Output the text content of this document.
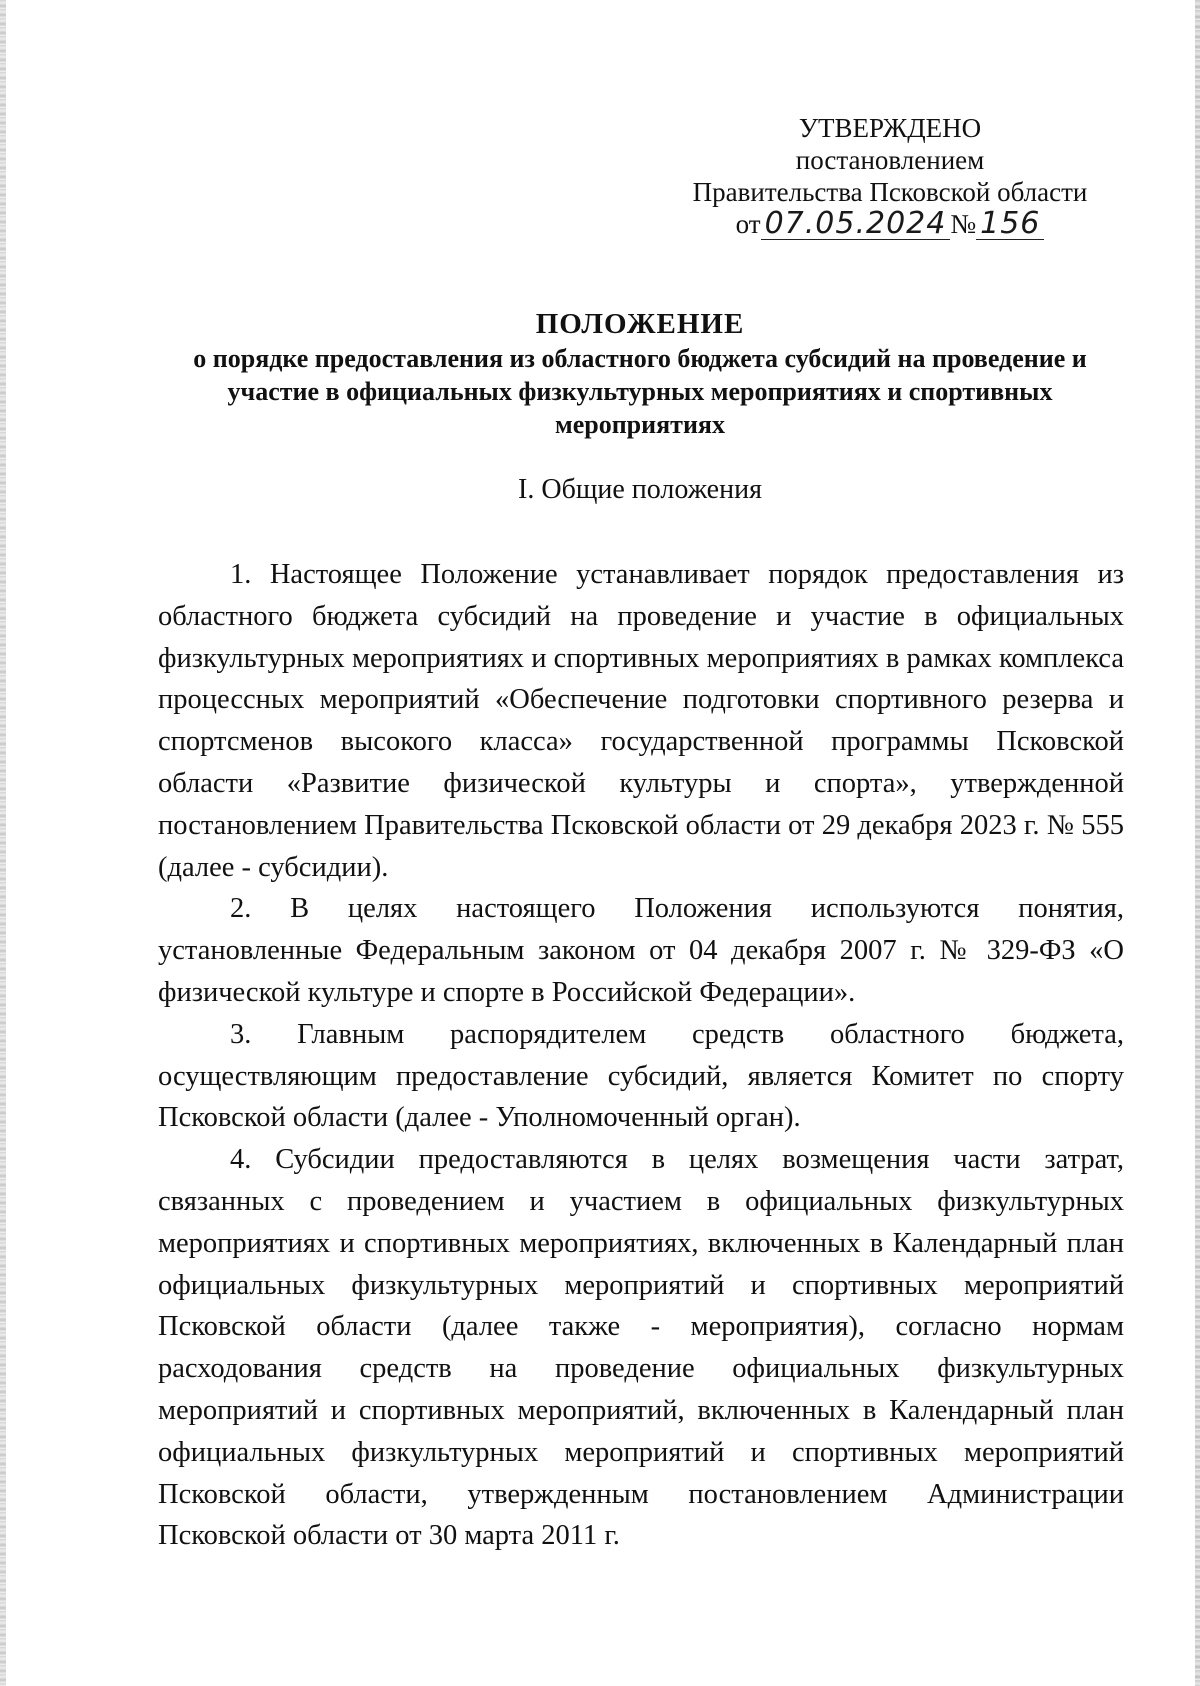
УТВЕРЖДЕНО
постановлением
Правительства Псковской области
от 07.05.2024 № 156
ПОЛОЖЕНИЕ
о порядке предоставления из областного бюджета субсидий на проведение и участие в официальных физкультурных мероприятиях и спортивных мероприятиях
I. Общие положения

1. Настоящее Положение устанавливает порядок предоставления из областного бюджета субсидий на проведение и участие в официальных физкультурных мероприятиях и спортивных мероприятиях в рамках комплекса процессных мероприятий «Обеспечение подготовки спортивного резерва и спортсменов высокого класса» государственной программы Псковской области «Развитие физической культуры и спорта», утвержденной постановлением Правительства Псковской области от 29 декабря 2023 г. № 555 (далее - субсидии).

2. В целях настоящего Положения используются понятия, установленные Федеральным законом от 04 декабря 2007 г. № 329-ФЗ «О физической культуре и спорте в Российской Федерации».

3. Главным распорядителем средств областного бюджета, осуществляющим предоставление субсидий, является Комитет по спорту Псковской области (далее - Уполномоченный орган).

4. Субсидии предоставляются в целях возмещения части затрат, связанных с проведением и участием в официальных физкультурных мероприятиях и спортивных мероприятиях, включенных в Календарный план официальных физкультурных мероприятий и спортивных мероприятий Псковской области (далее также - мероприятия), согласно нормам расходования средств на проведение официальных физкультурных мероприятий и спортивных мероприятий, включенных в Календарный план официальных физкультурных мероприятий и спортивных мероприятий Псковской области, утвержденным постановлением Администрации Псковской области от 30 марта 2011 г.
